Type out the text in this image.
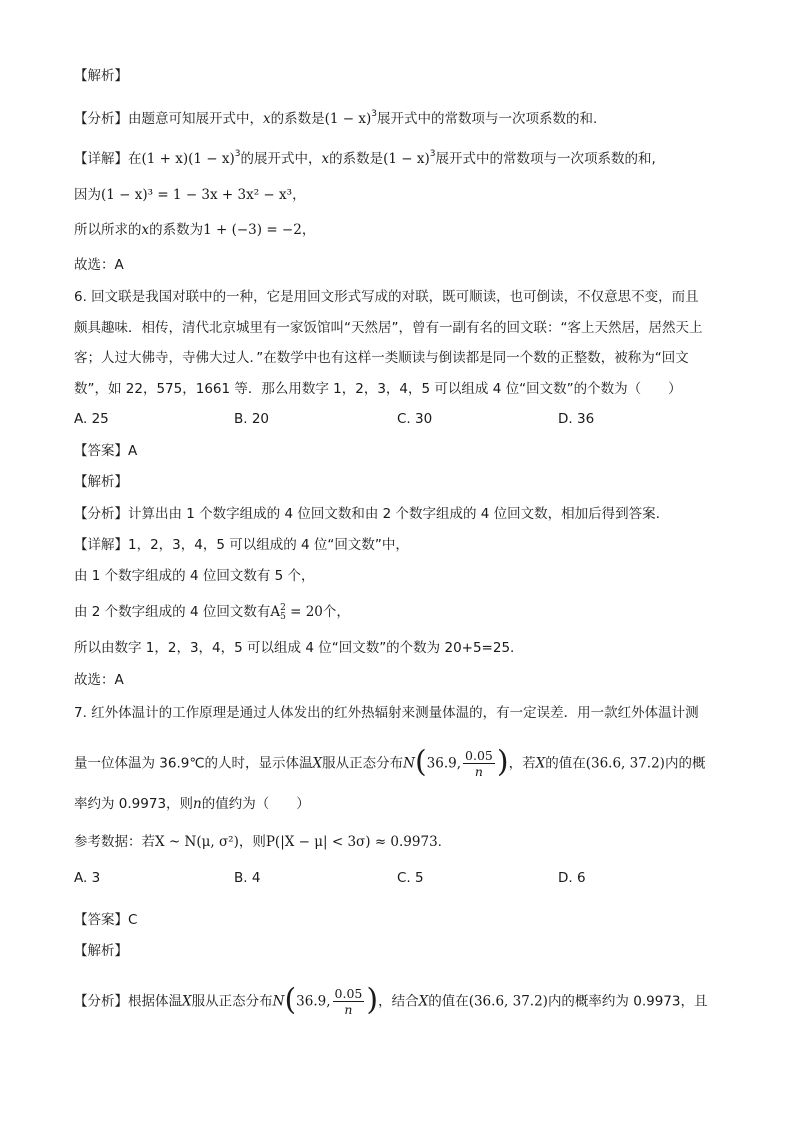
【解析】
【分析】由题意可知展开式中，x的系数是$(1 - x)^3$展开式中的常数项与一次项系数的和.
【详解】在$(1 + x)(1 - x)^3$的展开式中，x的系数是$(1 - x)^3$展开式中的常数项与一次项系数的和,
因为(1 − x)³ = 1 − 3x + 3x² − x³，
所以所求的x的系数为1 + (−3) = −2，
故选：A
6. 回文联是我国对联中的一种，它是用回文形式写成的对联，既可顺读，也可倒读，不仅意思不变，而且
颇具趣味．相传，清代北京城里有一家饭馆叫“天然居”，曾有一副有名的回文联：“客上天然居，居然天上
客；人过大佛寺，寺佛大过人．”在数学中也有这样一类顺读与倒读都是同一个数的正整数，被称为“回文
数”，如 22，575，1661 等．那么用数字 1，2，3，4，5 可以组成 4 位“回文数”的个数为（　　）
A. 25	B. 20	C. 30	D. 36
【答案】A
【解析】
【分析】计算出由 1 个数字组成的 4 位回文数和由 2 个数字组成的 4 位回文数，相加后得到答案.
【详解】1，2，3，4，5 可以组成的 4 位“回文数”中，
由 1 个数字组成的 4 位回文数有 5 个，
由 2 个数字组成的 4 位回文数有A 2
5 = 20个，
所以由数字 1，2，3，4，5 可以组成 4 位“回文数”的个数为 20+5=25.
故选：A
7. 红外体温计的工作原理是通过人体发出的红外热辐射来测量体温的，有一定误差．用一款红外体温计测
量一位体温为 36.9℃的人时，显示体温X服从正态分布N(36.9, $\frac{0.05}{n}$ )，若X的值在(36.6, 37.2)内的概
率约为 0.9973，则n的值约为（　　）
参考数据：若X ~ N(μ, σ²)，则P(|X − μ| < 3σ) ≈ 0.9973.
A. 3	B. 4	C. 5	D. 6
【答案】C
【解析】
【分析】根据体温X服从正态分布N(36.9, $\frac{0.05}{n}$ )，结合X的值在(36.6, 37.2)内的概率约为 0.9973，且
